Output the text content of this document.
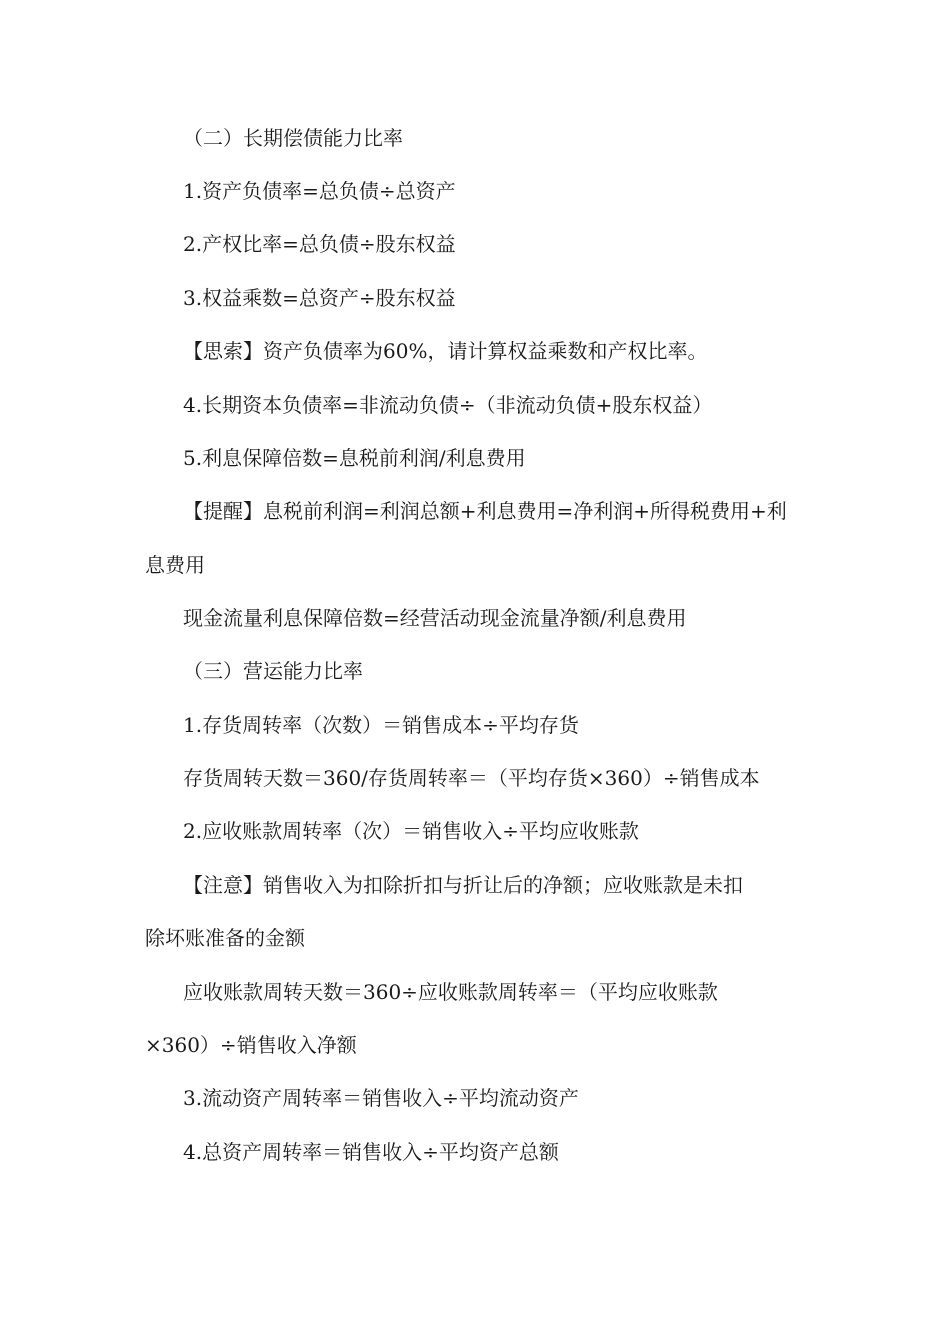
（二）长期偿债能力比率
1.资产负债率=总负债÷总资产
2.产权比率=总负债÷股东权益
3.权益乘数=总资产÷股东权益
【思索】资产负债率为60%，请计算权益乘数和产权比率。
4.长期资本负债率=非流动负债÷（非流动负债+股东权益）
5.利息保障倍数=息税前利润/利息费用
【提醒】息税前利润=利润总额+利息费用=净利润+所得税费用+利
息费用
现金流量利息保障倍数=经营活动现金流量净额/利息费用
（三）营运能力比率
1.存货周转率（次数）＝销售成本÷平均存货
存货周转天数＝360/存货周转率＝（平均存货×360）÷销售成本
2.应收账款周转率（次）＝销售收入÷平均应收账款
【注意】销售收入为扣除折扣与折让后的净额；应收账款是未扣
除坏账准备的金额
应收账款周转天数＝360÷应收账款周转率＝（平均应收账款
×360）÷销售收入净额
3.流动资产周转率＝销售收入÷平均流动资产
4.总资产周转率＝销售收入÷平均资产总额
